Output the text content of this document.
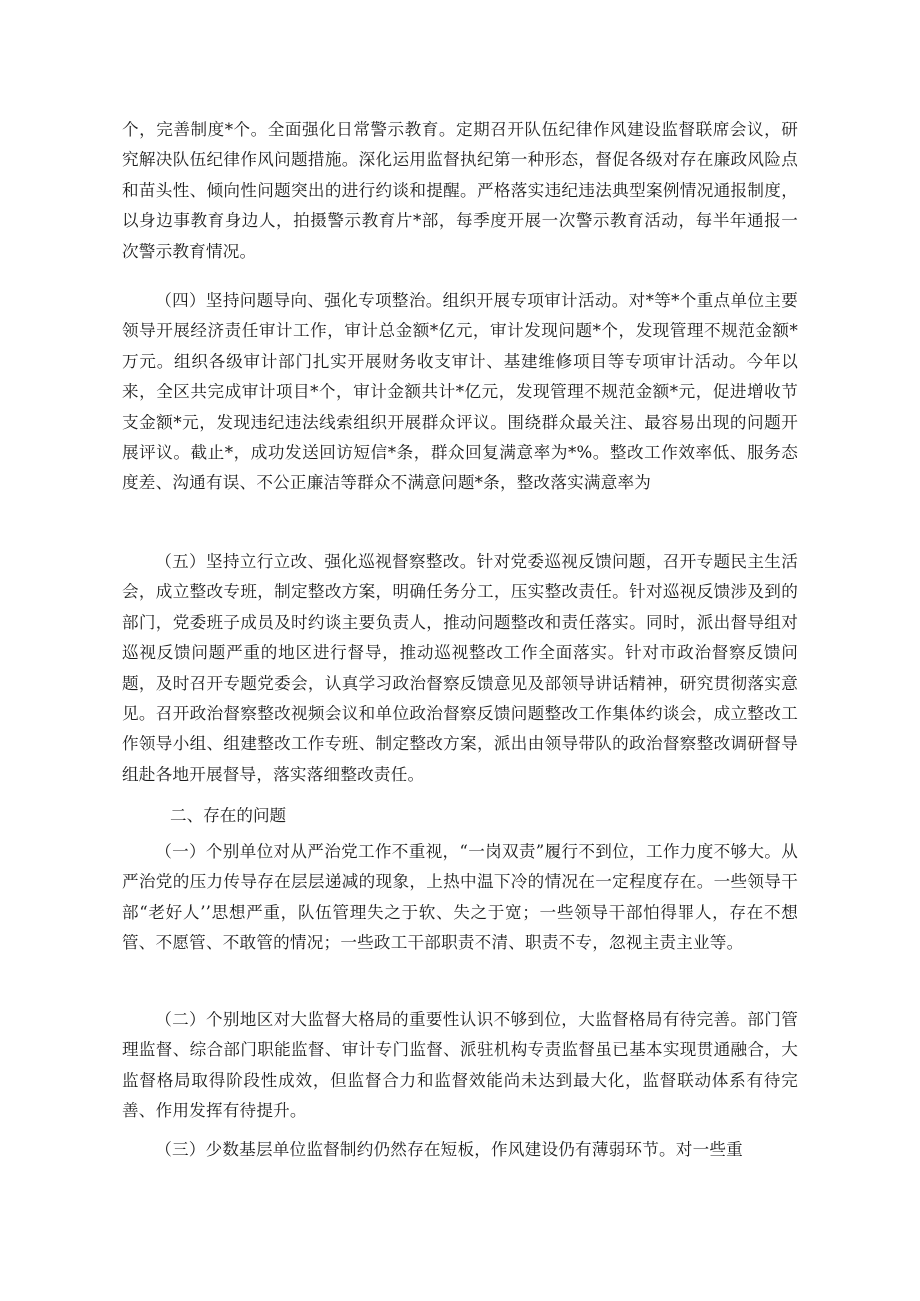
个，完善制度*个。全面强化日常警示教育。定期召开队伍纪律作风建设监督联席会议，研究解决队伍纪律作风问题措施。深化运用监督执纪第一种形态，督促各级对存在廉政风险点和苗头性、倾向性问题突出的进行约谈和提醒。严格落实违纪违法典型案例情况通报制度，以身边事教育身边人，拍摄警示教育片*部，每季度开展一次警示教育活动，每半年通报一次警示教育情况。

（四）坚持问题导向、强化专项整治。组织开展专项审计活动。对*等*个重点单位主要领导开展经济责任审计工作，审计总金额*亿元，审计发现问题*个，发现管理不规范金额*万元。组织各级审计部门扎实开展财务收支审计、基建维修项目等专项审计活动。今年以来，全区共完成审计项目*个，审计金额共计*亿元，发现管理不规范金额*元，促进增收节支金额*元，发现违纪违法线索组织开展群众评议。围绕群众最关注、最容易出现的问题开展评议。截止*，成功发送回访短信*条，群众回复满意率为*%。整改工作效率低、服务态度差、沟通有误、不公正廉洁等群众不满意问题*条，整改落实满意率为

（五）坚持立行立改、强化巡视督察整改。针对党委巡视反馈问题，召开专题民主生活会，成立整改专班，制定整改方案，明确任务分工，压实整改责任。针对巡视反馈涉及到的部门，党委班子成员及时约谈主要负责人，推动问题整改和责任落实。同时，派出督导组对巡视反馈问题严重的地区进行督导，推动巡视整改工作全面落实。针对市政治督察反馈问题，及时召开专题党委会，认真学习政治督察反馈意见及部领导讲话精神，研究贯彻落实意见。召开政治督察整改视频会议和单位政治督察反馈问题整改工作集体约谈会，成立整改工作领导小组、组建整改工作专班、制定整改方案，派出由领导带队的政治督察整改调研督导组赴各地开展督导，落实落细整改责任。

二、存在的问题

（一）个别单位对从严治党工作不重视，“一岗双责”履行不到位，工作力度不够大。从严治党的压力传导存在层层递减的现象，上热中温下冷的情况在一定程度存在。一些领导干部“老好人’’思想严重，队伍管理失之于软、失之于宽；一些领导干部怕得罪人，存在不想管、不愿管、不敢管的情况；一些政工干部职责不清、职责不专，忽视主责主业等。

（二）个别地区对大监督大格局的重要性认识不够到位，大监督格局有待完善。部门管理监督、综合部门职能监督、审计专门监督、派驻机构专责监督虽已基本实现贯通融合，大监督格局取得阶段性成效，但监督合力和监督效能尚未达到最大化，监督联动体系有待完善、作用发挥有待提升。

（三）少数基层单位监督制约仍然存在短板，作风建设仍有薄弱环节。对一些重
